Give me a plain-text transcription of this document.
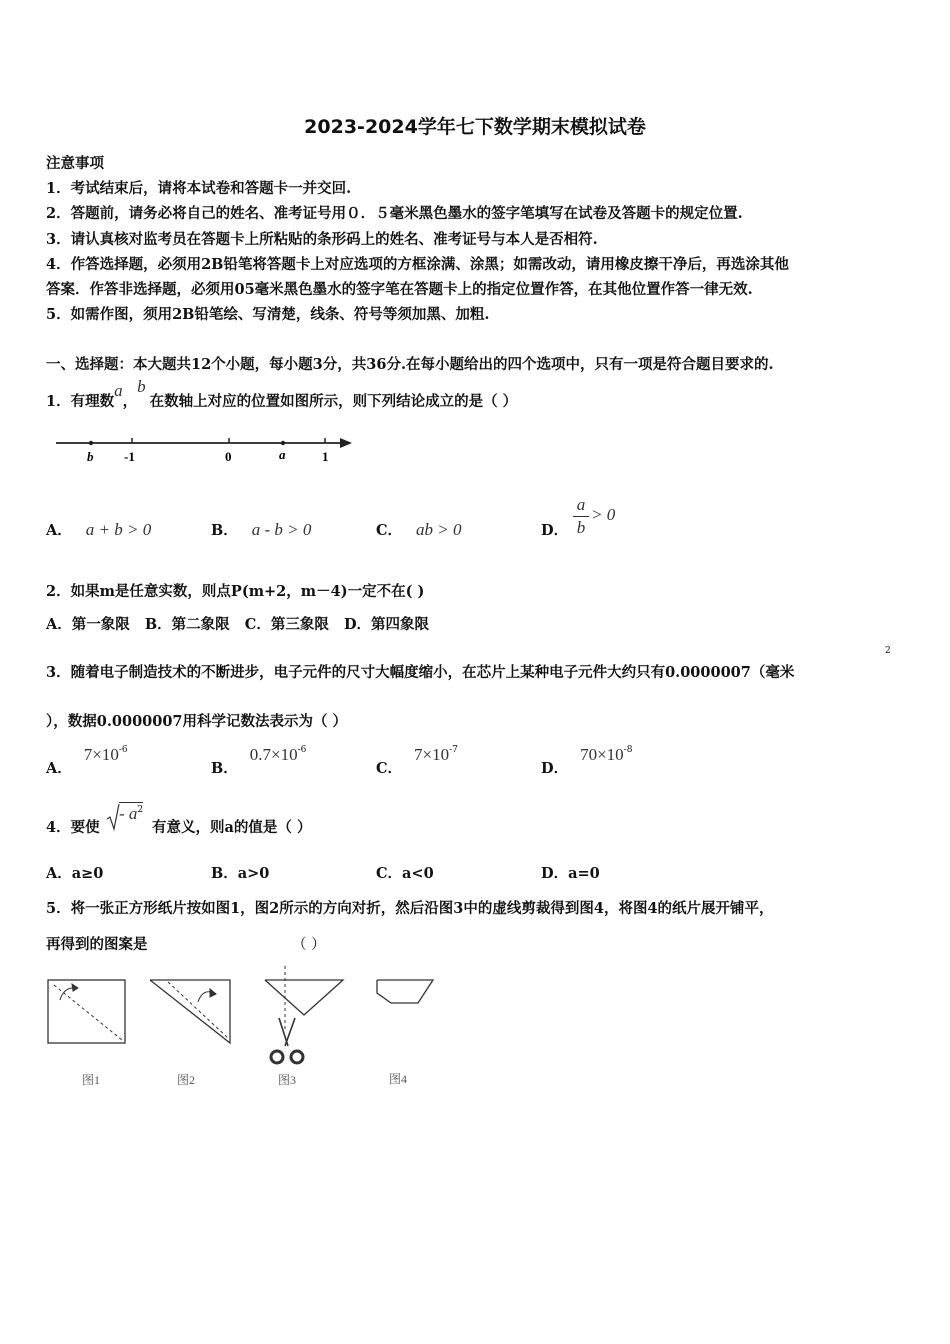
2023-2024学年七下数学期末模拟试卷
注意事项
1．考试结束后，请将本试卷和答题卡一并交回.
2．答题前，请务必将自己的姓名、准考证号用０．５毫米黑色墨水的签字笔填写在试卷及答题卡的规定位置.
3．请认真核对监考员在答题卡上所粘贴的条形码上的姓名、准考证号与本人是否相符.
4．作答选择题，必须用2B铅笔将答题卡上对应选项的方框涂满、涂黑；如需改动，请用橡皮擦干净后，再选涂其他
答案．作答非选择题，必须用05毫米黑色墨水的签字笔在答题卡上的指定位置作答，在其他位置作答一律无效.
5．如需作图，须用2B铅笔绘、写清楚，线条、符号等须加黑、加粗.
一、选择题：本大题共12个小题，每小题3分，共36分.在每小题给出的四个选项中，只有一项是符合题目要求的.
1．有理数a，b在数轴上对应的位置如图所示，则下列结论成立的是（ ）
b -1	0	a	1
A． a + b > 0	B． a - b > 0	C． ab > 0	D．
a
b
> 0
2．如果m是任意实数，则点P(m+2，m－4)一定不在( )
A．第一象限   B．第二象限   C．第三象限   D．第四象限
3．随着电子制造技术的不断进步，电子元件的尺寸大幅度缩小，在芯片上某种电子元件大约只有0.0000007（毫米
2
），数据0.0000007用科学记数法表示为（ ）
A．$7\times 10^{-6}$
B．$0.7\times 10^{-6}$
C．$7\times 10^{-7}$
D．$70\times 10^{-8}$
4．要使
- $a^2$
有意义，则a的值是（ ）
A．a≥0	B．a>0	C．a<0	D．a=0
5．将一张正方形纸片按如图1，图2所示的方向对折，然后沿图3中的虚线剪裁得到图4，将图4的纸片展开铺平，
再得到的图案是	（ ）
图1	图2	图3	图4
